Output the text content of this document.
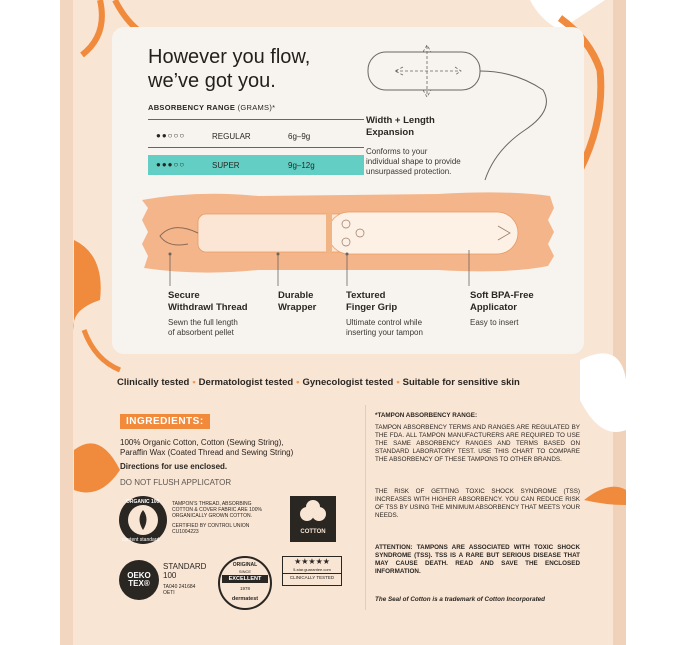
However you flow,
we’ve got you.
ABSORBENCY RANGE (GRAMS)*
●●○○○	REGULAR	6g–9g
●●●○○	SUPER	9g–12g
Width + Length
Expansion
Conforms to your
individual shape to provide
unsurpassed protection.
Secure
Withdrawl Thread
Sewn the full length
of absorbent pellet
Durable
Wrapper
Textured
Finger Grip
Ultimate control while
inserting your tampon
Soft BPA-Free
Applicator
Easy to insert
Clinically tested • Dermatologist tested • Gynecologist tested • Suitable for sensitive skin
INGREDIENTS:
100% Organic Cotton, Cotton (Sewing String),
Paraffin Wax (Coated Thread and Sewing String)
Directions for use enclosed.
DO NOT FLUSH APPLICATOR
ORGANIC 100
content standard
TAMPON’S THREAD, ABSORBING
COTTON & COVER FABRIC ARE 100%
ORGANICALLY GROWN COTTON.
CERTIFIED BY CONTROL UNION
CU1004223	COTTON
OEKO
TEX®
STANDARD
100
TA040 241684
OETI
ORIGINAL
SINCE
EXCELLENT
1978
dermatest
★★★★★
5-star.guarantee.com
CLINICALLY TESTED
*TAMPON ABSORBENCY RANGE:
TAMPON ABSORBENCY TERMS AND RANGES ARE REGULATED BY THE FDA. ALL TAMPON MANUFACTURERS ARE REQUIRED TO USE THE SAME ABSORBENCY RANGES AND TERMS BASED ON STANDARD LABORATORY TEST. USE THIS CHART TO COMPARE THE ABSORBENCY OF THESE TAMPONS TO OTHER BRANDS.
THE RISK OF GETTING TOXIC SHOCK SYNDROME (TSS) INCREASES WITH HIGHER ABSORBENCY. YOU CAN REDUCE RISK OF TSS BY USING THE MINIMUM ABSORBENCY THAT MEETS YOUR NEEDS.
ATTENTION: TAMPONS ARE ASSOCIATED WITH TOXIC SHOCK SYNDROME (TSS). TSS IS A RARE BUT SERIOUS DISEASE THAT MAY CAUSE DEATH. READ AND SAVE THE ENCLOSED INFORMATION.
The Seal of Cotton is a trademark of Cotton Incorporated
